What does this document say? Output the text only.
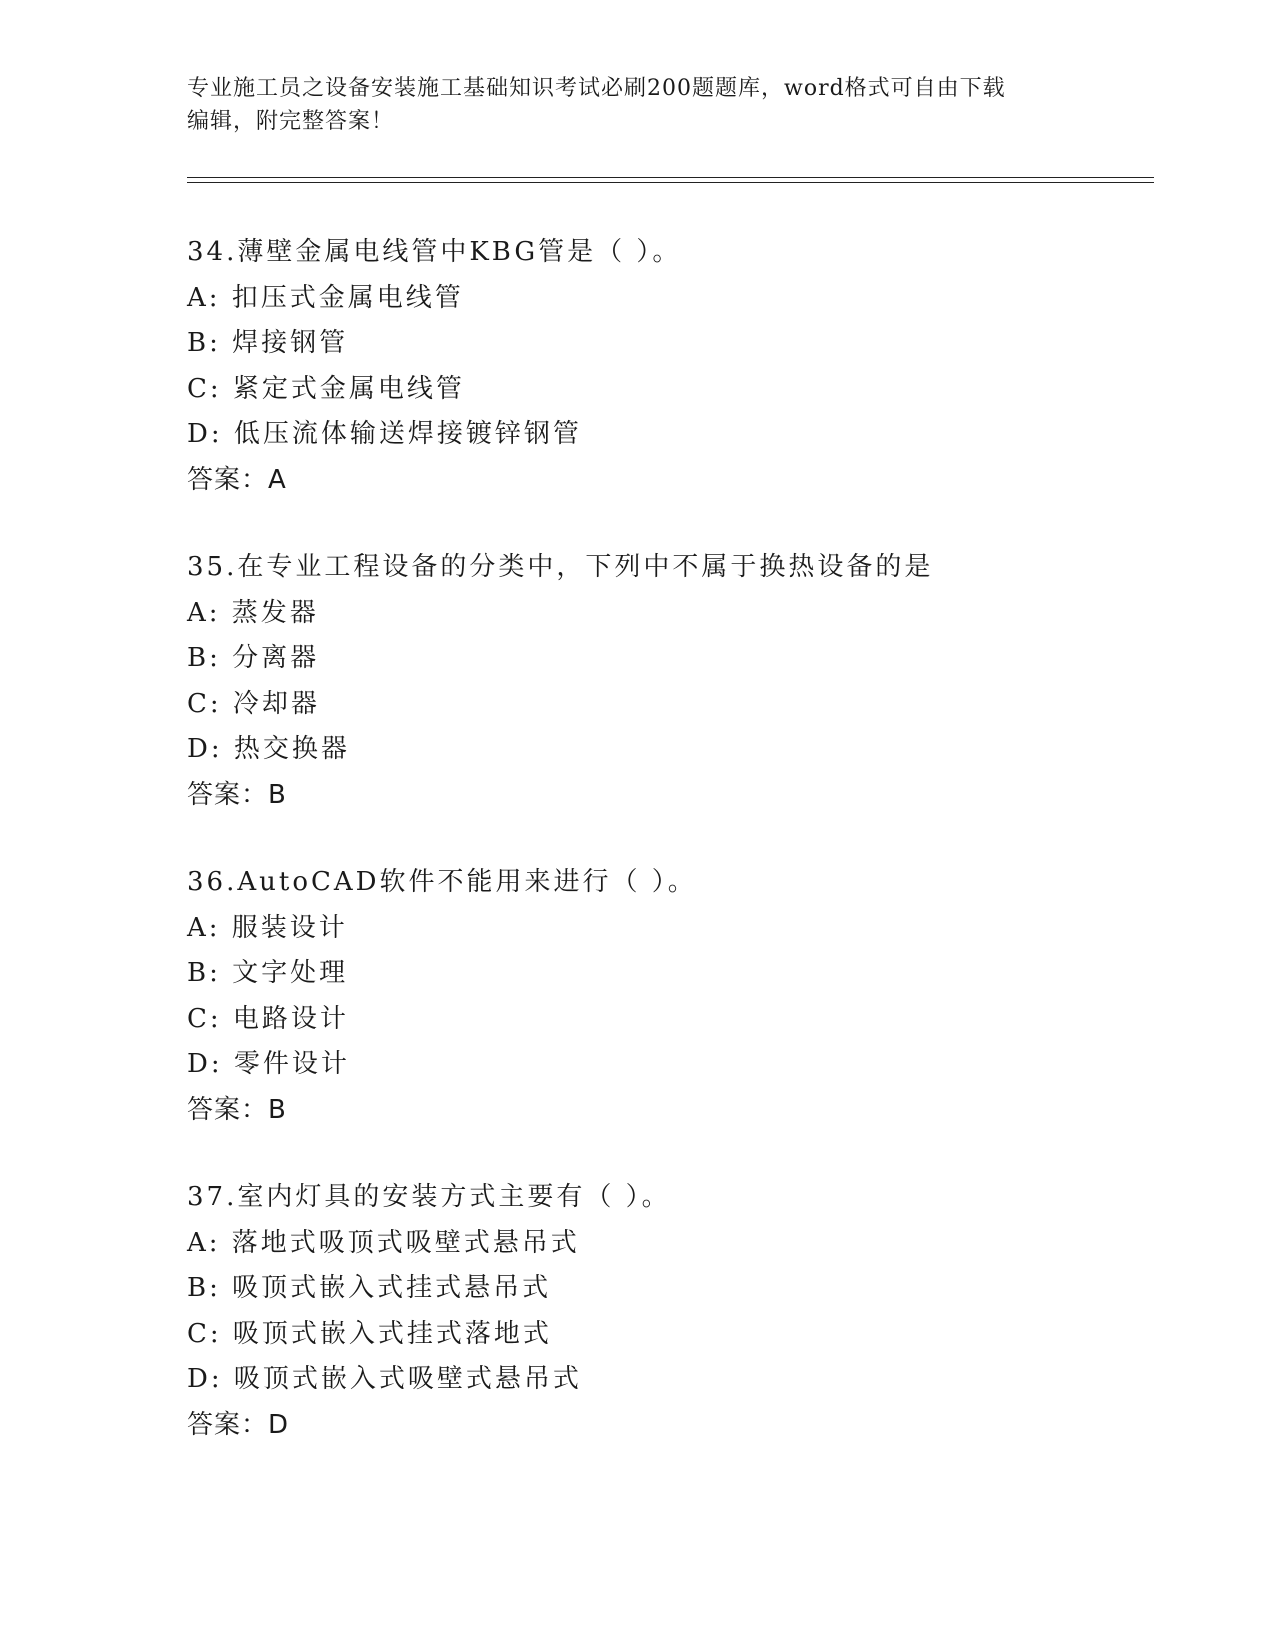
专业施工员之设备安装施工基础知识考试必刷200题题库，word格式可自由下载
编辑，附完整答案！
34.薄壁金属电线管中KBG管是（ ）。
A: 扣压式金属电线管
B: 焊接钢管
C: 紧定式金属电线管
D: 低压流体输送焊接镀锌钢管
答案：A
35.在专业工程设备的分类中，下列中不属于换热设备的是
A: 蒸发器
B: 分离器
C: 冷却器
D: 热交换器
答案：B
36.AutoCAD软件不能用来进行（ ）。
A: 服装设计
B: 文字处理
C: 电路设计
D: 零件设计
答案：B
37.室内灯具的安装方式主要有（ ）。
A: 落地式吸顶式吸壁式悬吊式
B: 吸顶式嵌入式挂式悬吊式
C: 吸顶式嵌入式挂式落地式
D: 吸顶式嵌入式吸壁式悬吊式
答案：D
